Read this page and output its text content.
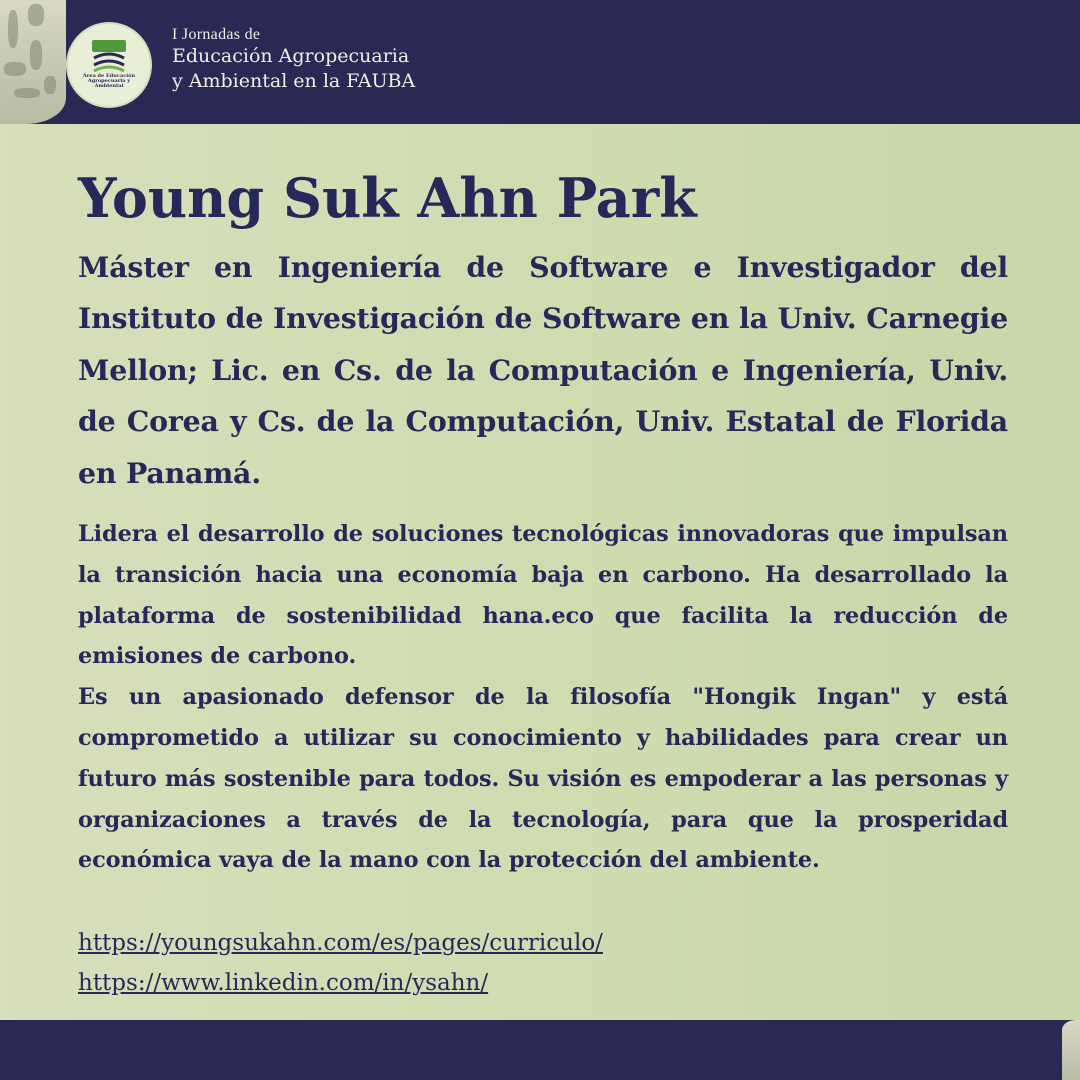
Área de Educación Agropecuaria y Ambiental
I Jornadas de
Educación Agropecuaria
y Ambiental en la FAUBA
Young Suk Ahn Park
Máster en Ingeniería de Software e Investigador del Instituto de Investigación de Software en la Univ. Carnegie Mellon; Lic. en Cs. de la Computación e Ingeniería, Univ. de Corea y Cs. de la Computación, Univ. Estatal de Florida en Panamá.

Lidera el desarrollo de soluciones tecnológicas innovadoras que impulsan la transición hacia una economía baja en carbono. Ha desarrollado la plataforma de sostenibilidad hana.eco que facilita la reducción de emisiones de carbono.

Es un apasionado defensor de la filosofía "Hongik Ingan" y está comprometido a utilizar su conocimiento y habilidades para crear un futuro más sostenible para todos. Su visión es empoderar a las personas y organizaciones a través de la tecnología, para que la prosperidad económica vaya de la mano con la protección del ambiente.

https://youngsukahn.com/es/pages/curriculo/
https://www.linkedin.com/in/ysahn/
